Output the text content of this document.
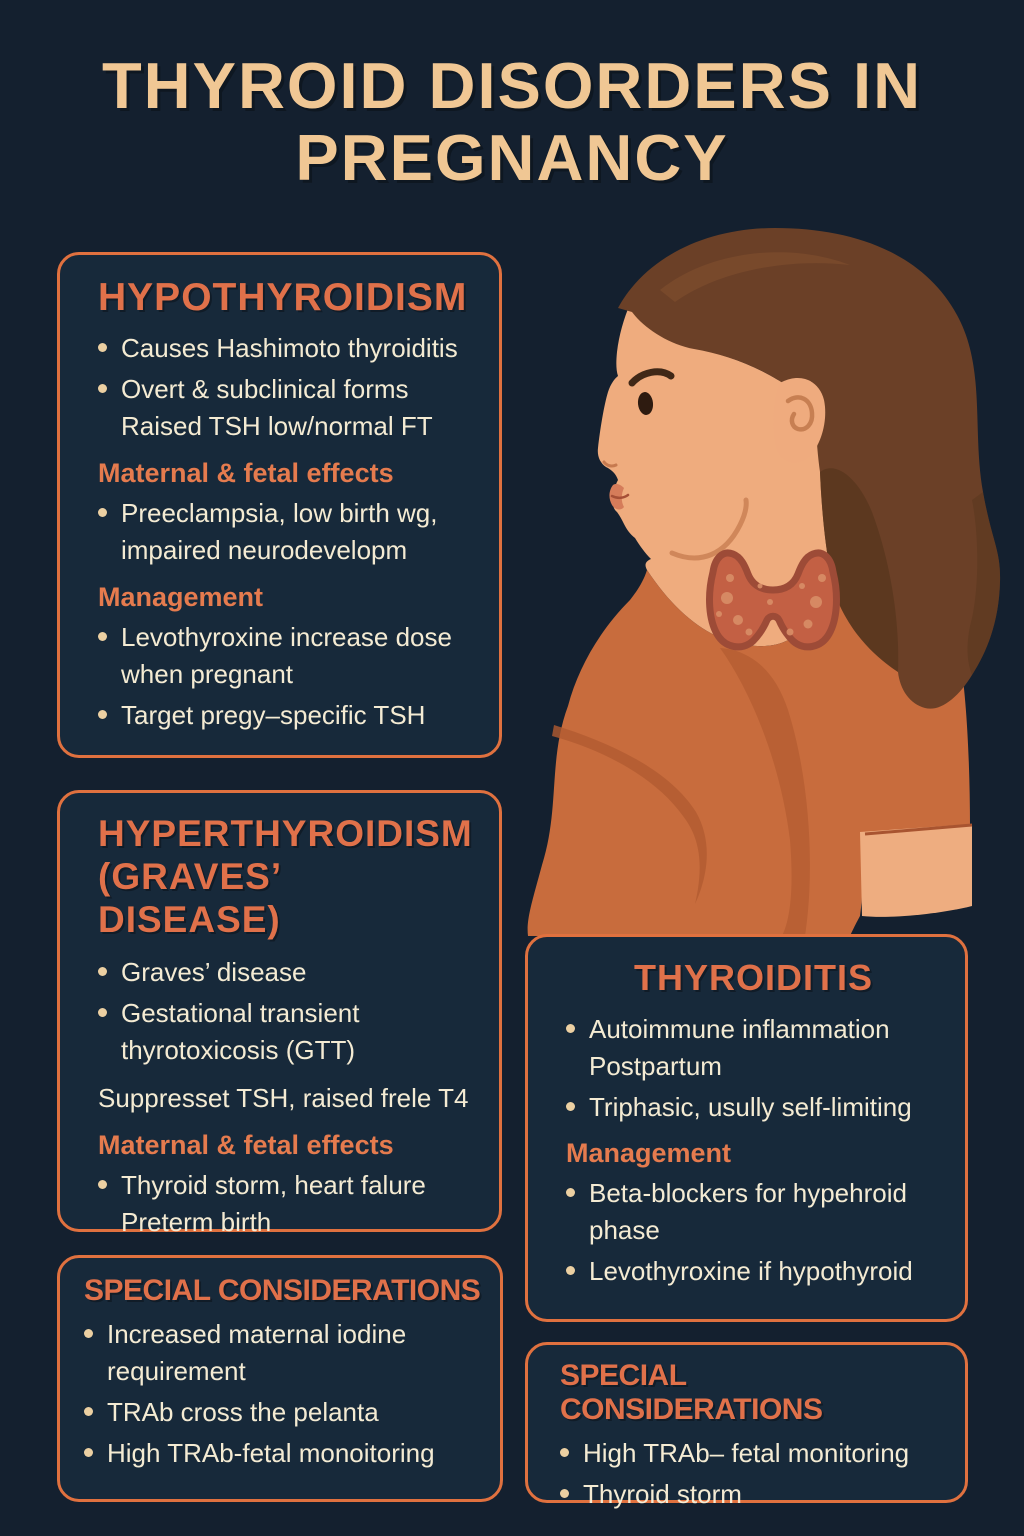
THYROID DISORDERS IN
PREGNANCY
HYPOTHYROIDISM
Causes Hashimoto thyroiditis
Overt & subclinical forms
Raised TSH low/normal FT
Maternal & fetal effects
Preeclampsia, low birth wg,
impaired neurodevelopm
Management
Levothyroxine increase dose
when pregnant
Target pregy–specific TSH
HYPERTHYROIDISM
(GRAVES’ DISEASE)
Graves’ disease
Gestational transient
thyrotoxicosis (GTT)
Suppresset TSH, raised frele T4
Maternal & fetal effects
Thyroid storm, heart falure
Preterm birth
SPECIAL CONSIDERATIONS
Increased maternal iodine
requirement
TRAb cross the pelanta
High TRAb-fetal monoitoring
THYROIDITIS
Autoimmune inflammation
Postpartum
Triphasic, usully self-limiting
Management
Beta-blockers for hypehroid
phase
Levothyroxine if hypothyroid
SPECIAL CONSIDERATIONS
High TRAb– fetal monitoring
Thyroid storm
